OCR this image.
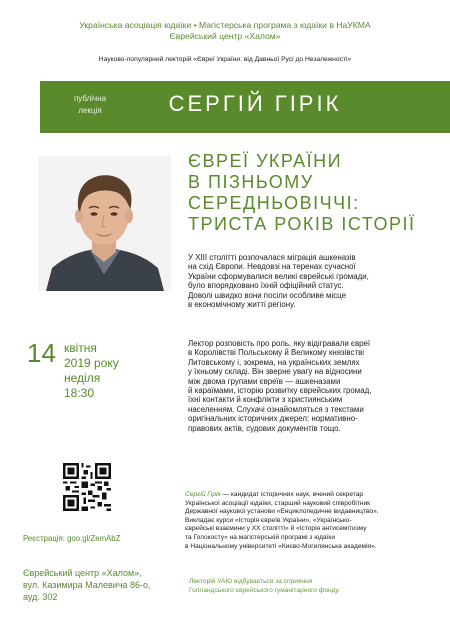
Українська асоціація юдаїки • Магістерська програма з юдаїки в НаУКМА
Єврейський центр «Халом»
Науково-популярний лекторій «Євреї України: від Давньої Русі до Незалежності»
публічна
лекція	СЕРГІЙ ГІРІК
ЄВРЕЇ УКРАЇНИ
В ПІЗНЬОМУ
СЕРЕДНЬОВІЧЧІ:
ТРИСТА РОКІВ ІСТОРІЇ
У XIII столітті розпочалася міграція ашкеназів
на схід Європи. Невдовзі на теренах сучасної
України сформувалися великі єврейські громади,
було впорядковано їхній офіційний статус.
Доволі швидко вони посіли особливе місце
в економічному житті регіону.
Лектор розповість про роль, яку відігравали євреї
в Королівстві Польському й Великому князівстві
Литовському і, зокрема, на українських землях
у їхньому складі. Він зверне увагу на відносини
між двома групами євреїв — ашкеназами
й караїмами, історію розвитку єврейських громад,
їхні контакти й конфлікти з християнським
населенням. Слухачі ознайомляться з текстами
оригінальних історичних джерел: нормативно-
правових актів, судових документів тощо.
14 квітня
2019 року
неділя
18:30
Реєстрація: goo.gl/ZemAbZ
Єврейський центр «Халом»,
вул. Казимира Малевича 86-о,
ауд. 302
Сергій Гірік — кандидат історичних наук, вчений секретар
Української асоціації юдаїки, старший науковий співробітник
Державної наукової установи «Енциклопедичне видавництво».
Викладає курси «Історія євреїв України», «Українсько-
єврейські взаємини у ХХ столітті» й «Історія антисемітизму
та Голокосту» на магістерській програмі з юдаїки
в Національному університеті «Києво-Могилянська академія».
Лекторій УАЮ відбувається за сприяння
Голландського єврейського гуманітарного фонду.
